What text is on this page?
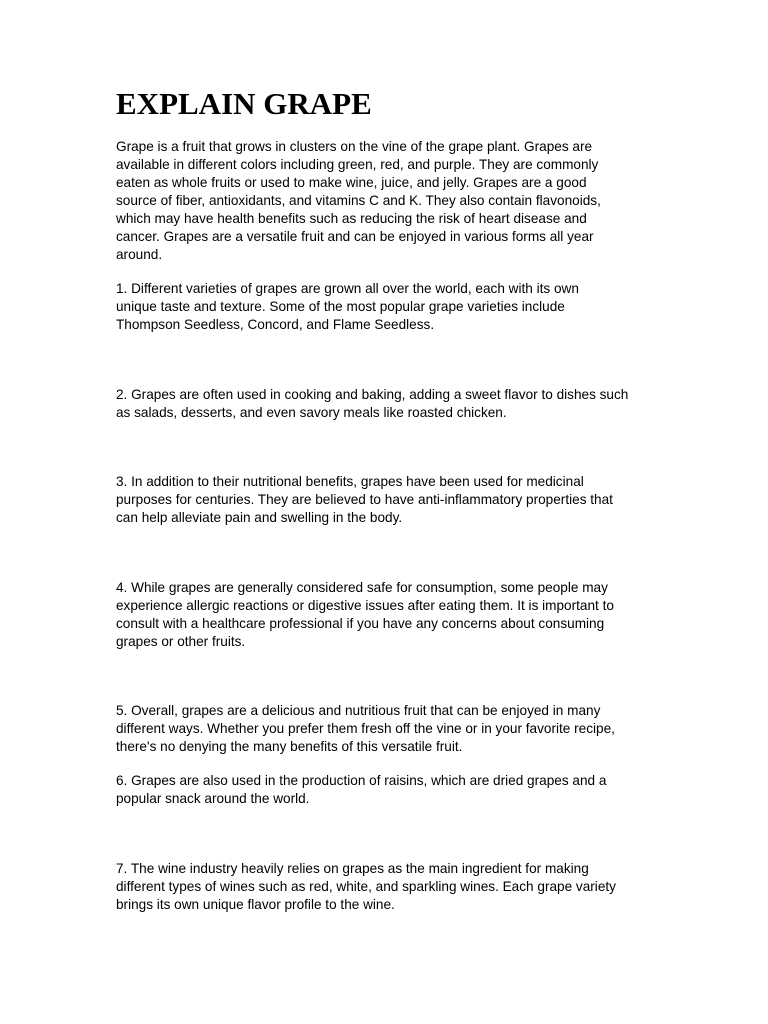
EXPLAIN GRAPE

Grape is a fruit that grows in clusters on the vine of the grape plant. Grapes are
available in different colors including green, red, and purple. They are commonly
eaten as whole fruits or used to make wine, juice, and jelly. Grapes are a good
source of fiber, antioxidants, and vitamins C and K. They also contain flavonoids,
which may have health benefits such as reducing the risk of heart disease and
cancer. Grapes are a versatile fruit and can be enjoyed in various forms all year
around.

1. Different varieties of grapes are grown all over the world, each with its own
unique taste and texture. Some of the most popular grape varieties include
Thompson Seedless, Concord, and Flame Seedless.

2. Grapes are often used in cooking and baking, adding a sweet flavor to dishes such
as salads, desserts, and even savory meals like roasted chicken.

3. In addition to their nutritional benefits, grapes have been used for medicinal
purposes for centuries. They are believed to have anti-inflammatory properties that
can help alleviate pain and swelling in the body.

4. While grapes are generally considered safe for consumption, some people may
experience allergic reactions or digestive issues after eating them. It is important to
consult with a healthcare professional if you have any concerns about consuming
grapes or other fruits.

5. Overall, grapes are a delicious and nutritious fruit that can be enjoyed in many
different ways. Whether you prefer them fresh off the vine or in your favorite recipe,
there's no denying the many benefits of this versatile fruit.

6. Grapes are also used in the production of raisins, which are dried grapes and a
popular snack around the world.

7. The wine industry heavily relies on grapes as the main ingredient for making
different types of wines such as red, white, and sparkling wines. Each grape variety
brings its own unique flavor profile to the wine.
